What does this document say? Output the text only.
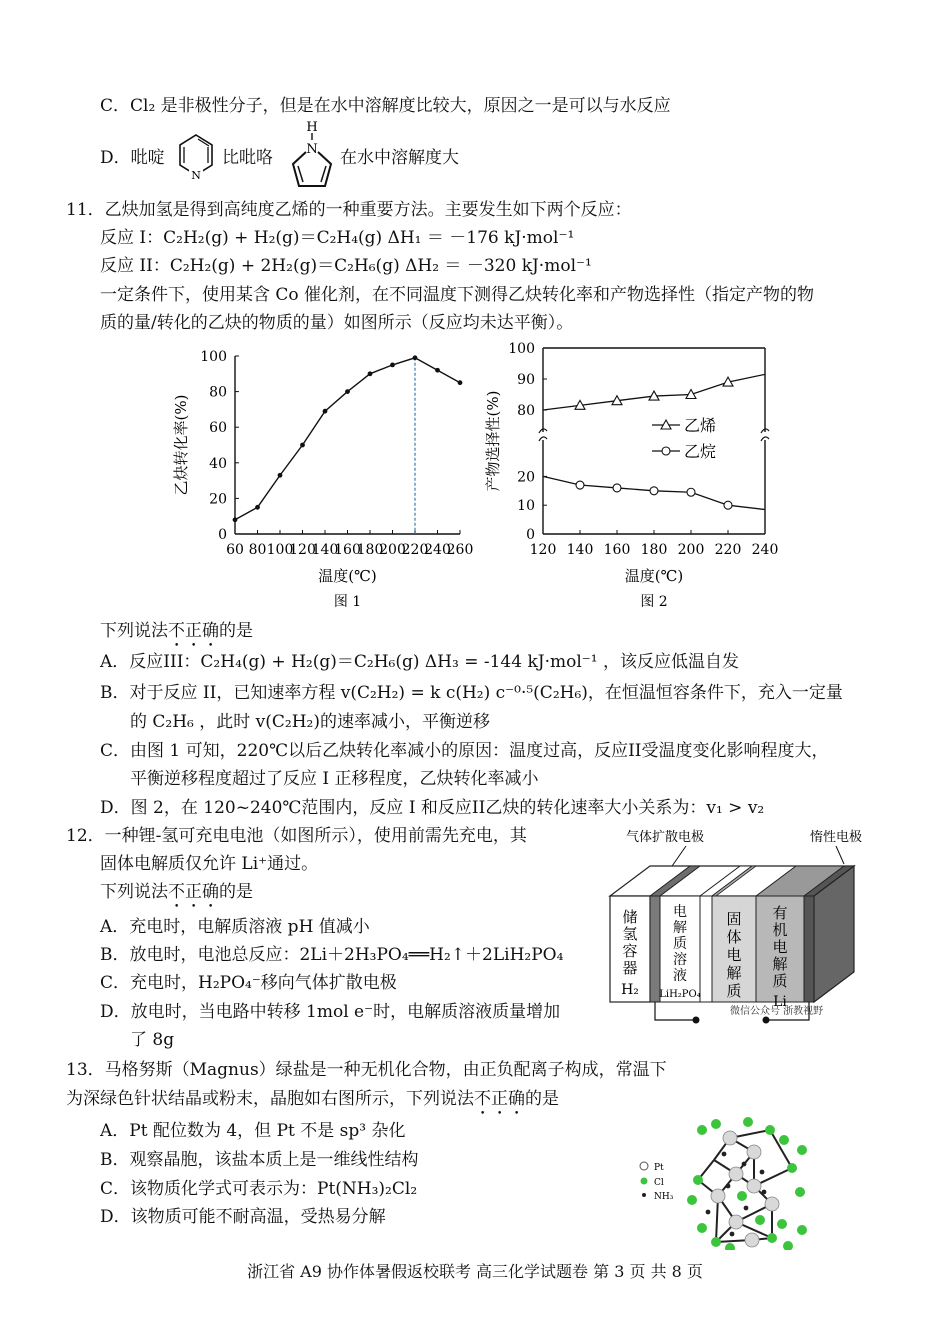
C．Cl₂ 是非极性分子，但是在水中溶解度比较大，原因之一是可以与水反应
D．吡啶
N
比吡咯
H
N 在水中溶解度大
11．乙炔加氢是得到高纯度乙烯的一种重要方法。主要发生如下两个反应：
反应 I：C₂H₂(g) + H₂(g)＝C₂H₄(g) ΔH₁ ＝ －176 kJ·mol⁻¹
反应 II：C₂H₂(g) + 2H₂(g)＝C₂H₆(g) ΔH₂ ＝ －320 kJ·mol⁻¹
一定条件下，使用某含 Co 催化剂，在不同温度下测得乙炔转化率和产物选择性（指定产物的物
质的量/转化的乙炔的物质的量）如图所示（反应均未达平衡）。
60 80 100
120
140
160
180
200
220
240
260
0
20
40
60
80
100
温度(℃)
乙炔转化率(%)
图 1
120 140 160 180 200 220 240
80
90
100
0
10
20
乙烯
乙烷
温度(℃)
产物选择性(%)
图 2
下列说法不正确的是
A．反应III：C₂H₄(g) + H₂(g)＝C₂H₆(g) ΔH₃ = -144 kJ·mol⁻¹ ，该反应低温自发
B．对于反应 II，已知速率方程 v(C₂H₂) = k c(H₂) c⁻⁰·⁵(C₂H₆)，在恒温恒容条件下，充入一定量
的 C₂H₆ ，此时 v(C₂H₂)的速率减小，平衡逆移
C．由图 1 可知，220℃以后乙炔转化率减小的原因：温度过高，反应II受温度变化影响程度大，
平衡逆移程度超过了反应 I 正移程度，乙炔转化率减小
D．图 2，在 120~240℃范围内，反应 I 和反应II乙炔的转化速率大小关系为：v₁ > v₂
12．一种锂-氢可充电电池（如图所示），使用前需先充电，其
固体电解质仅允许 Li⁺通过。
下列说法不正确的是
A．充电时，电解质溶液 pH 值减小
B．放电时，电池总反应：2Li＋2H₃PO₄══H₂↑＋2LiH₂PO₄
C．充电时，H₂PO₄⁻移向气体扩散电极
D．放电时，当电路中转移 1mol e⁻时，电解质溶液质量增加
了 8g
气体扩散电极	惰性电极
储
氢
容
器
H₂
电
解
质
溶
液
LiH₂PO₄
固
体
电
解
质
有
机
电
解
质
Li
微信公众号 浙教视野
13．马格努斯（Magnus）绿盐是一种无机化合物，由正负配离子构成，常温下
为深绿色针状结晶或粉末，晶胞如右图所示，下列说法不正确的是
A．Pt 配位数为 4，但 Pt 不是 sp³ 杂化
B．观察晶胞，该盐本质上是一维线性结构
C．该物质化学式可表示为：Pt(NH₃)₂Cl₂
D．该物质可能不耐高温，受热易分解
Pt
Cl
NH₃
浙江省 A9 协作体暑假返校联考 高三化学试题卷 第 3 页 共 8 页
